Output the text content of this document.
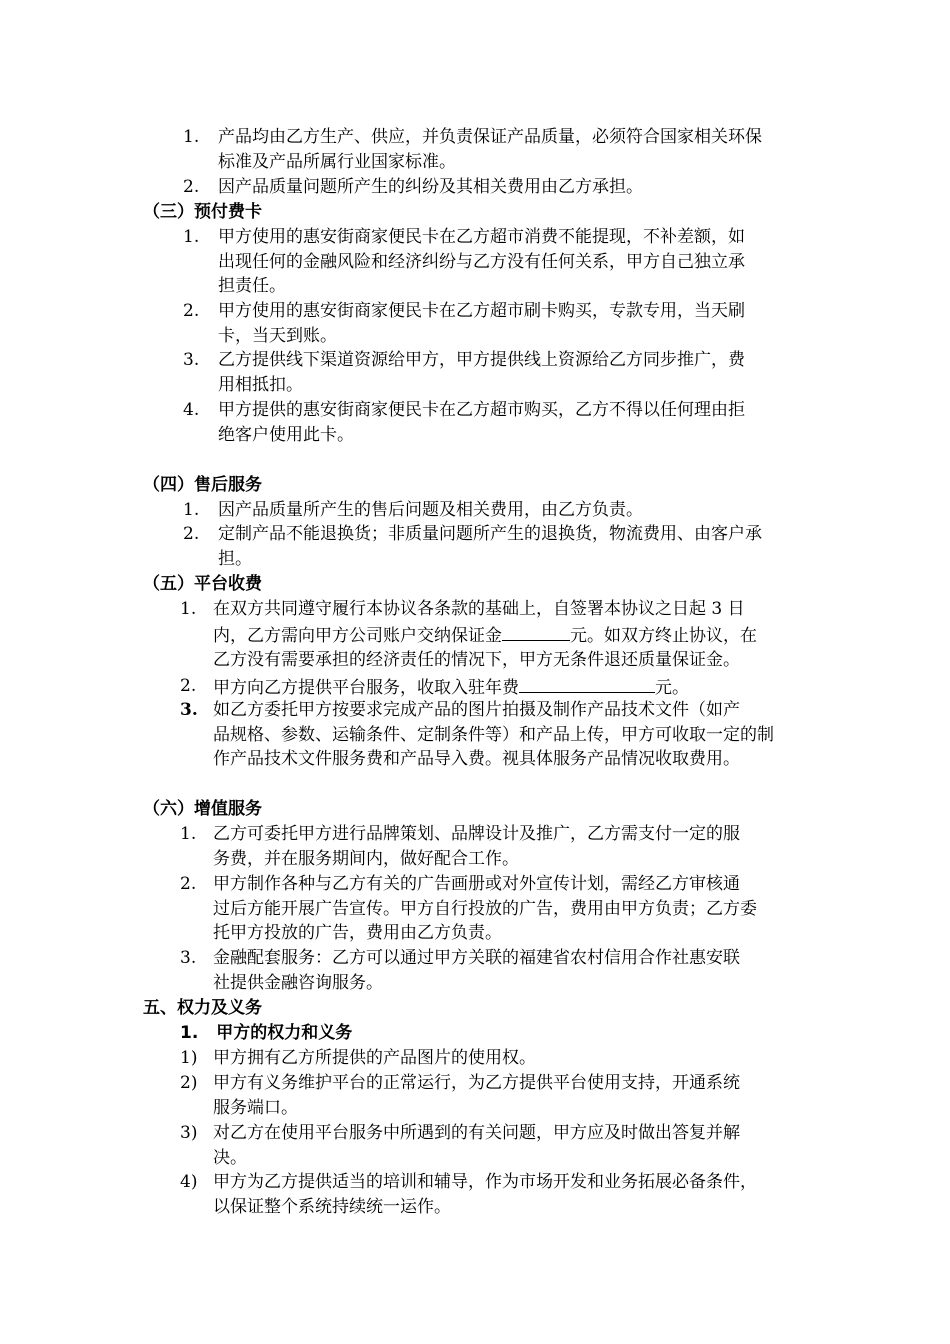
1. 产品均由乙方生产、供应，并负责保证产品质量，必须符合国家相关环保
标准及产品所属行业国家标准。
2. 因产品质量问题所产生的纠纷及其相关费用由乙方承担。
（三）预付费卡
1. 甲方使用的惠安街商家便民卡在乙方超市消费不能提现，不补差额，如
出现任何的金融风险和经济纠纷与乙方没有任何关系，甲方自己独立承
担责任。
2. 甲方使用的惠安街商家便民卡在乙方超市刷卡购买，专款专用，当天刷
卡，当天到账。
3. 乙方提供线下渠道资源给甲方，甲方提供线上资源给乙方同步推广，费
用相抵扣。
4. 甲方提供的惠安街商家便民卡在乙方超市购买，乙方不得以任何理由拒
绝客户使用此卡。
（四）售后服务
1. 因产品质量所产生的售后问题及相关费用，由乙方负责。
2. 定制产品不能退换货；非质量问题所产生的退换货，物流费用、由客户承
担。
（五）平台收费
1. 在双方共同遵守履行本协议各条款的基础上，自签署本协议之日起 3 日
内，乙方需向甲方公司账户交纳保证金	元。如双方终止协议，在
乙方没有需要承担的经济责任的情况下，甲方无条件退还质量保证金。
2. 甲方向乙方提供平台服务，收取入驻年费	元。
3. 如乙方委托甲方按要求完成产品的图片拍摄及制作产品技术文件（如产
品规格、参数、运输条件、定制条件等）和产品上传，甲方可收取一定的制
作产品技术文件服务费和产品导入费。视具体服务产品情况收取费用。
（六）增值服务
1. 乙方可委托甲方进行品牌策划、品牌设计及推广，乙方需支付一定的服
务费，并在服务期间内，做好配合工作。
2. 甲方制作各种与乙方有关的广告画册或对外宣传计划，需经乙方审核通
过后方能开展广告宣传。甲方自行投放的广告，费用由甲方负责；乙方委
托甲方投放的广告，费用由乙方负责。
3. 金融配套服务：乙方可以通过甲方关联的福建省农村信用合作社惠安联
社提供金融咨询服务。
五、权力及义务
1. 甲方的权力和义务
1) 甲方拥有乙方所提供的产品图片的使用权。
2) 甲方有义务维护平台的正常运行，为乙方提供平台使用支持，开通系统
服务端口。
3) 对乙方在使用平台服务中所遇到的有关问题，甲方应及时做出答复并解
决。
4) 甲方为乙方提供适当的培训和辅导，作为市场开发和业务拓展必备条件，
以保证整个系统持续统一运作。
